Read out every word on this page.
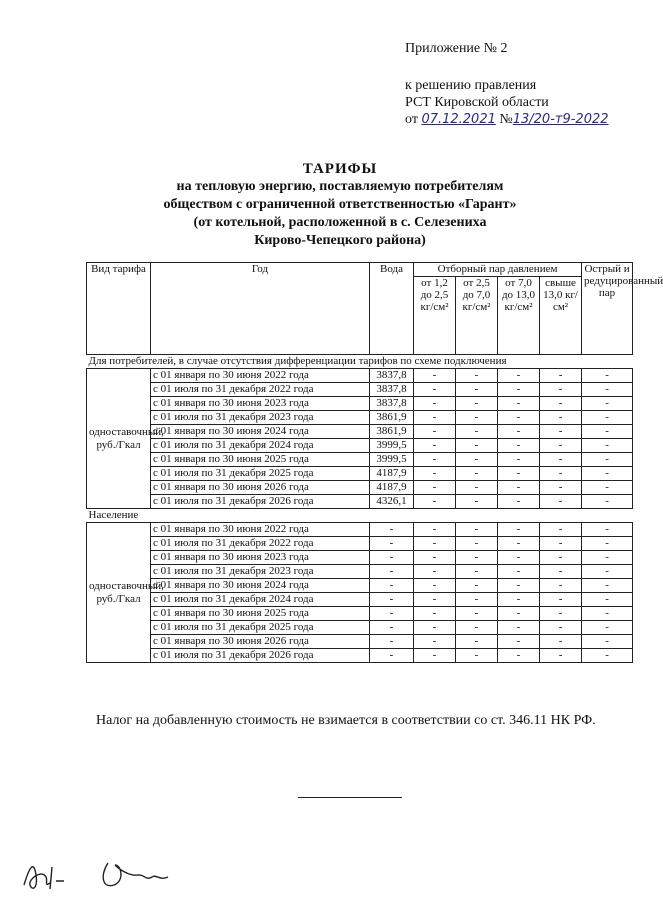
Приложение № 2
к решению правления
РСТ Кировской области
от 07.12.2021 №13/20-т9-2022
ТАРИФЫ
на тепловую энергию, поставляемую потребителям
обществом с ограниченной ответственностью «Гарант»
(от котельной, расположенной в с. Селезениха
Кирово-Чепецкого района)
Вид тарифа	Год	Вода	Отборный пар давлением				Острый и редуцированный пар
			от 1,2 до 2,5 кг/см²	от 2,5 до 7,0 кг/см²	от 7,0 до 13,0 кг/см²	свыше 13,0 кг/см²	
Для потребителей, в случае отсутствия дифференциации тарифов по схеме подключения							
одноставочный, руб./Гкал	с 01 января по 30 июня 2022 года	3837,8	-	-	-	-	-
	с 01 июля по 31 декабря 2022 года	3837,8	-	-	-	-	-
	с 01 января по 30 июня 2023 года	3837,8	-	-	-	-	-
	с 01 июля по 31 декабря 2023 года	3861,9	-	-	-	-	-
	с 01 января по 30 июня 2024 года	3861,9	-	-	-	-	-
	с 01 июля по 31 декабря 2024 года	3999,5	-	-	-	-	-
	с 01 января по 30 июня 2025 года	3999,5	-	-	-	-	-
	с 01 июля по 31 декабря 2025 года	4187,9	-	-	-	-	-
	с 01 января по 30 июня 2026 года	4187,9	-	-	-	-	-
	с 01 июля по 31 декабря 2026 года	4326,1	-	-	-	-	-
Население							
одноставочный, руб./Гкал	с 01 января по 30 июня 2022 года	-	-	-	-	-	-
	с 01 июля по 31 декабря 2022 года	-	-	-	-	-	-
	с 01 января по 30 июня 2023 года	-	-	-	-	-	-
	с 01 июля по 31 декабря 2023 года	-	-	-	-	-	-
	с 01 января по 30 июня 2024 года	-	-	-	-	-	-
	с 01 июля по 31 декабря 2024 года	-	-	-	-	-	-
	с 01 января по 30 июня 2025 года	-	-	-	-	-	-
	с 01 июля по 31 декабря 2025 года	-	-	-	-	-	-
	с 01 января по 30 июня 2026 года	-	-	-	-	-	-
	с 01 июля по 31 декабря 2026 года	-	-	-	-	-	-
Налог на добавленную стоимость не взимается в соответствии со ст. 346.11 НК РФ.
